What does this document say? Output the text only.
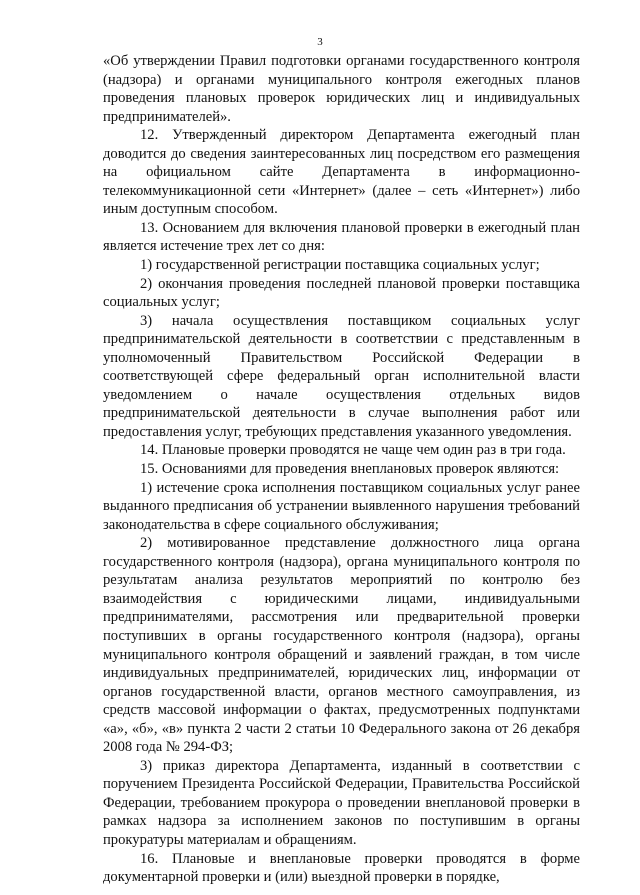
3

«Об утверждении Правил подготовки органами государственного контроля (надзора) и органами муниципального контроля ежегодных планов проведения плановых проверок юридических лиц и индивидуальных предпринимателей».

12. Утвержденный директором Департамента ежегодный план доводится до сведения заинтересованных лиц посредством его размещения на официальном сайте Департамента в информационно-телекоммуникационной сети «Интернет» (далее – сеть «Интернет») либо иным доступным способом.

13. Основанием для включения плановой проверки в ежегодный план является истечение трех лет со дня:

1) государственной регистрации поставщика социальных услуг;

2) окончания проведения последней плановой проверки поставщика социальных услуг;

3) начала осуществления поставщиком социальных услуг предпринимательской деятельности в соответствии с представленным в уполномоченный Правительством Российской Федерации в соответствующей сфере федеральный орган исполнительной власти уведомлением о начале осуществления отдельных видов предпринимательской деятельности в случае выполнения работ или предоставления услуг, требующих представления указанного уведомления.

14. Плановые проверки проводятся не чаще чем один раз в три года.

15. Основаниями для проведения внеплановых проверок являются:

1) истечение срока исполнения поставщиком социальных услуг ранее выданного предписания об устранении выявленного нарушения требований законодательства в сфере социального обслуживания;

2) мотивированное представление должностного лица органа государственного контроля (надзора), органа муниципального контроля по результатам анализа результатов мероприятий по контролю без взаимодействия с юридическими лицами, индивидуальными предпринимателями, рассмотрения или предварительной проверки поступивших в органы государственного контроля (надзора), органы муниципального контроля обращений и заявлений граждан, в том числе индивидуальных предпринимателей, юридических лиц, информации от органов государственной власти, органов местного самоуправления, из средств массовой информации о фактах, предусмотренных подпунктами «а», «б», «в» пункта 2 части 2 статьи 10 Федерального закона от 26 декабря 2008 года № 294-ФЗ;

3) приказ директора Департамента, изданный в соответствии с поручением Президента Российской Федерации, Правительства Российской Федерации, требованием прокурора о проведении внеплановой проверки в рамках надзора за исполнением законов по поступившим в органы прокуратуры материалам и обращениям.

16. Плановые и внеплановые проверки проводятся в форме документарной проверки и (или) выездной проверки в порядке,
